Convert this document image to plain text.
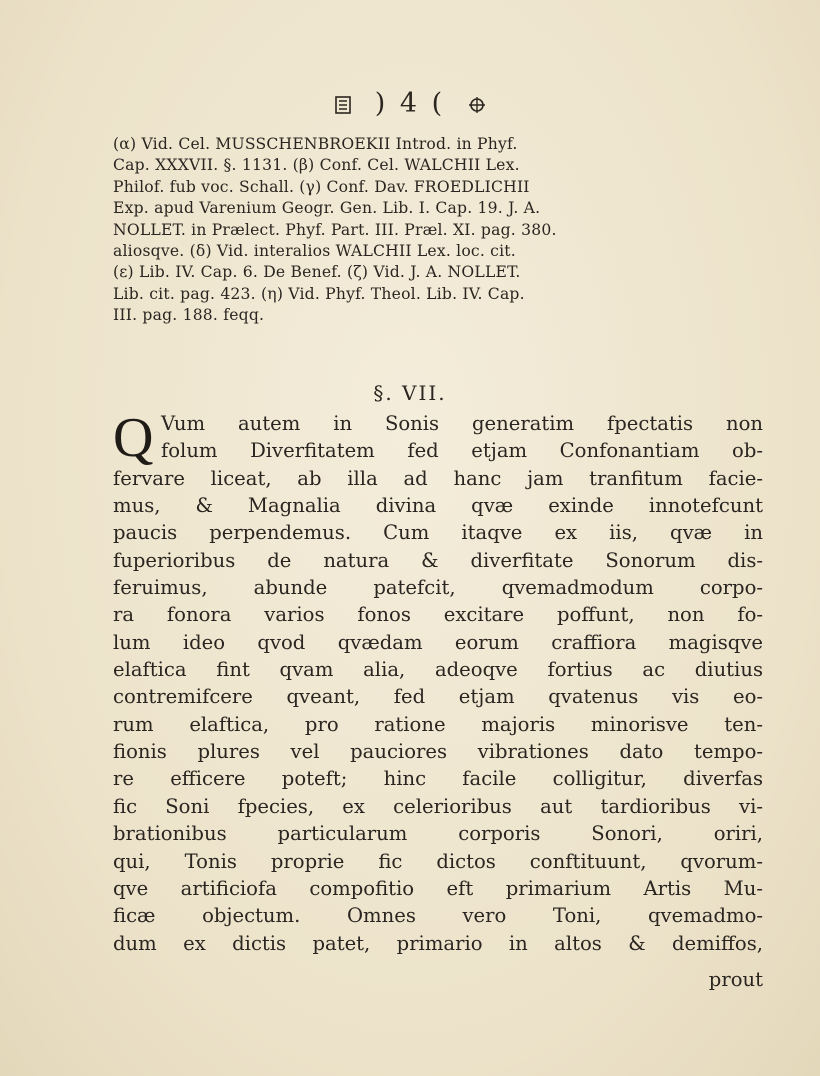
) 4 (
(α) Vid. Cel. MUSSCHENBROEKII Introd. in Phyf.
Cap. XXXVII. §. 1131. (β) Conf. Cel. WALCHII Lex.
Philof. fub voc. Schall. (γ) Conf. Dav. FROEDLICHII
Exp. apud Varenium Geogr. Gen. Lib. I. Cap. 19. J. A.
NOLLET. in Prælect. Phyf. Part. III. Præl. XI. pag. 380.
aliosqve. (δ) Vid. interalios WALCHII Lex. loc. cit.
(ε) Lib. IV. Cap. 6. De Benef. (ζ) Vid. J. A. NOLLET.
Lib. cit. pag. 423. (η) Vid. Phyf. Theol. Lib. IV. Cap.
III. pag. 188. feqq.
§. VII.
Q Vum autem in Sonis generatim fpectatis non
folum Diverfitatem fed etjam Confonantiam ob-
fervare liceat, ab illa ad hanc jam tranfitum facie-
mus, & Magnalia divina qvæ exinde innotefcunt
paucis perpendemus. Cum itaqve ex iis, qvæ in
fuperioribus de natura & diverfitate Sonorum dis-
feruimus, abunde patefcit, qvemadmodum corpo-
ra fonora varios fonos excitare poffunt, non fo-
lum ideo qvod qvædam eorum craffiora magisqve
elaftica fint qvam alia, adeoqve fortius ac diutius
contremifcere qveant, fed etjam qvatenus vis eo-
rum elaftica, pro ratione majoris minorisve ten-
fionis plures vel pauciores vibrationes dato tempo-
re efficere poteft; hinc facile colligitur, diverfas
fic Soni fpecies, ex celerioribus aut tardioribus vi-
brationibus particularum corporis Sonori, oriri,
qui, Tonis proprie fic dictos conftituunt, qvorum-
qve artificiofa compofitio eft primarium Artis Mu-
ficæ objectum. Omnes vero Toni, qvemadmo-
dum ex dictis patet, primario in altos & demiffos,
prout
